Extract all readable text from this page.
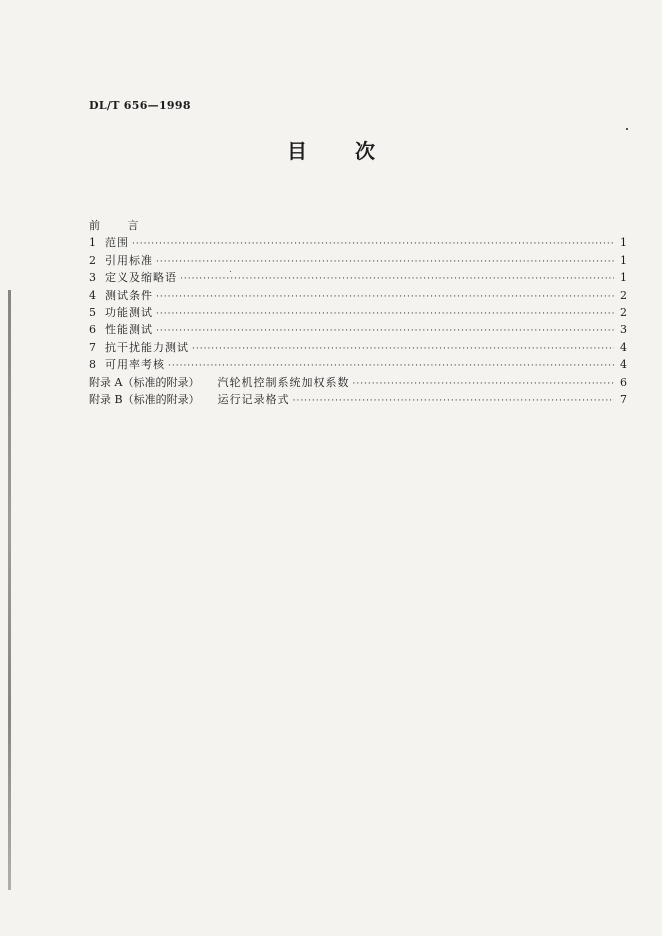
DL/T 656—1998
目次
前 言
1 范围 ·····	1
2 引用标准 ·····	1
3 定义及缩略语 ·····	1
4 测试条件 ·····	2
5 功能测试 ·····	2
6 性能测试 ·····	3
7 抗干扰能力测试 ·····	4
8 可用率考核 ·····	4
附录 A（标准的附录） 汽轮机控制系统加权系数 ·····	6
附录 B（标准的附录） 运行记录格式 ·····	7
